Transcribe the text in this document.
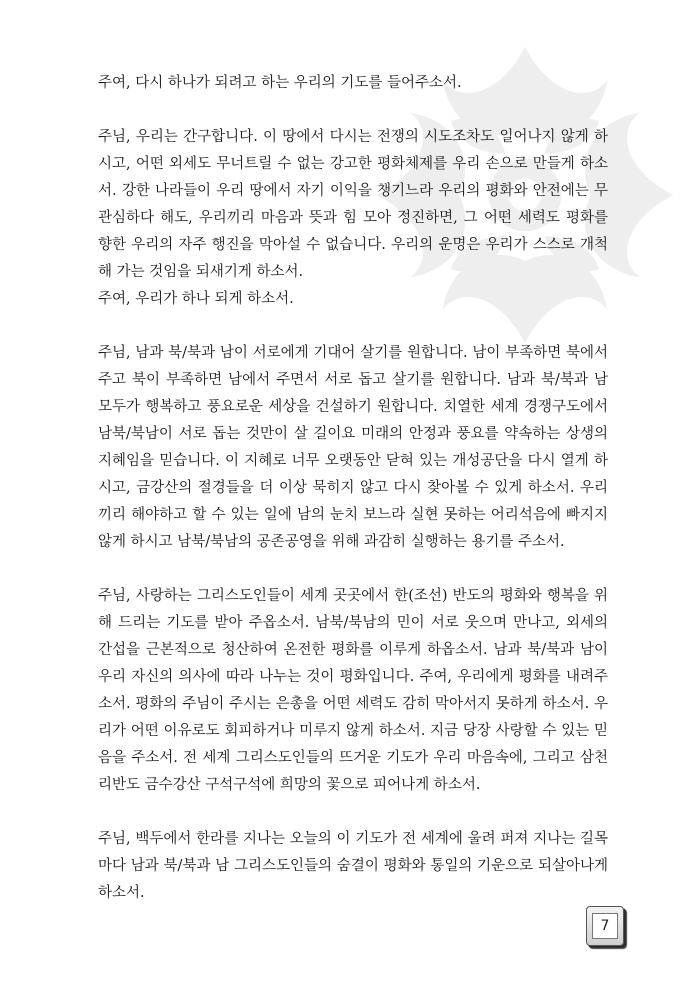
주여, 다시 하나가 되려고 하는 우리의 기도를 들어주소서.

주님, 우리는 간구합니다. 이 땅에서 다시는 전쟁의 시도조차도 일어나지 않게 하시고, 어떤 외세도 무너트릴 수 없는 강고한 평화체제를 우리 손으로 만들게 하소서. 강한 나라들이 우리 땅에서 자기 이익을 챙기느라 우리의 평화와 안전에는 무관심하다 해도, 우리끼리 마음과 뜻과 힘 모아 정진하면, 그 어떤 세력도 평화를 향한 우리의 자주 행진을 막아설 수 없습니다. 우리의 운명은 우리가 스스로 개척해 가는 것임을 되새기게 하소서.

주여, 우리가 하나 되게 하소서.

주님, 남과 북/북과 남이 서로에게 기대어 살기를 원합니다. 남이 부족하면 북에서 주고 북이 부족하면 남에서 주면서 서로 돕고 살기를 원합니다. 남과 북/북과 남 모두가 행복하고 풍요로운 세상을 건설하기 원합니다. 치열한 세계 경쟁구도에서 남북/북남이 서로 돕는 것만이 살 길이요 미래의 안정과 풍요를 약속하는 상생의 지혜임을 믿습니다. 이 지혜로 너무 오랫동안 닫혀 있는 개성공단을 다시 열게 하시고, 금강산의 절경들을 더 이상 묵히지 않고 다시 찾아볼 수 있게 하소서. 우리 끼리 해야하고 할 수 있는 일에 남의 눈치 보느라 실현 못하는 어리석음에 빠지지 않게 하시고 남북/북남의 공존공영을 위해 과감히 실행하는 용기를 주소서.

주님, 사랑하는 그리스도인들이 세계 곳곳에서 한(조선) 반도의 평화와 행복을 위해 드리는 기도를 받아 주옵소서. 남북/북남의 민이 서로 웃으며 만나고, 외세의 간섭을 근본적으로 청산하여 온전한 평화를 이루게 하옵소서. 남과 북/북과 남이 우리 자신의 의사에 따라 나누는 것이 평화입니다. 주여, 우리에게 평화를 내려주소서. 평화의 주님이 주시는 은총을 어떤 세력도 감히 막아서지 못하게 하소서. 우리가 어떤 이유로도 회피하거나 미루지 않게 하소서. 지금 당장 사랑할 수 있는 믿음을 주소서. 전 세계 그리스도인들의 뜨거운 기도가 우리 마음속에, 그리고 삼천리반도 금수강산 구석구석에 희망의 꽃으로 피어나게 하소서.

주님, 백두에서 한라를 지나는 오늘의 이 기도가 전 세계에 울려 퍼져 지나는 길목마다 남과 북/북과 남 그리스도인들의 숨결이 평화와 통일의 기운으로 되살아나게 하소서.

7
